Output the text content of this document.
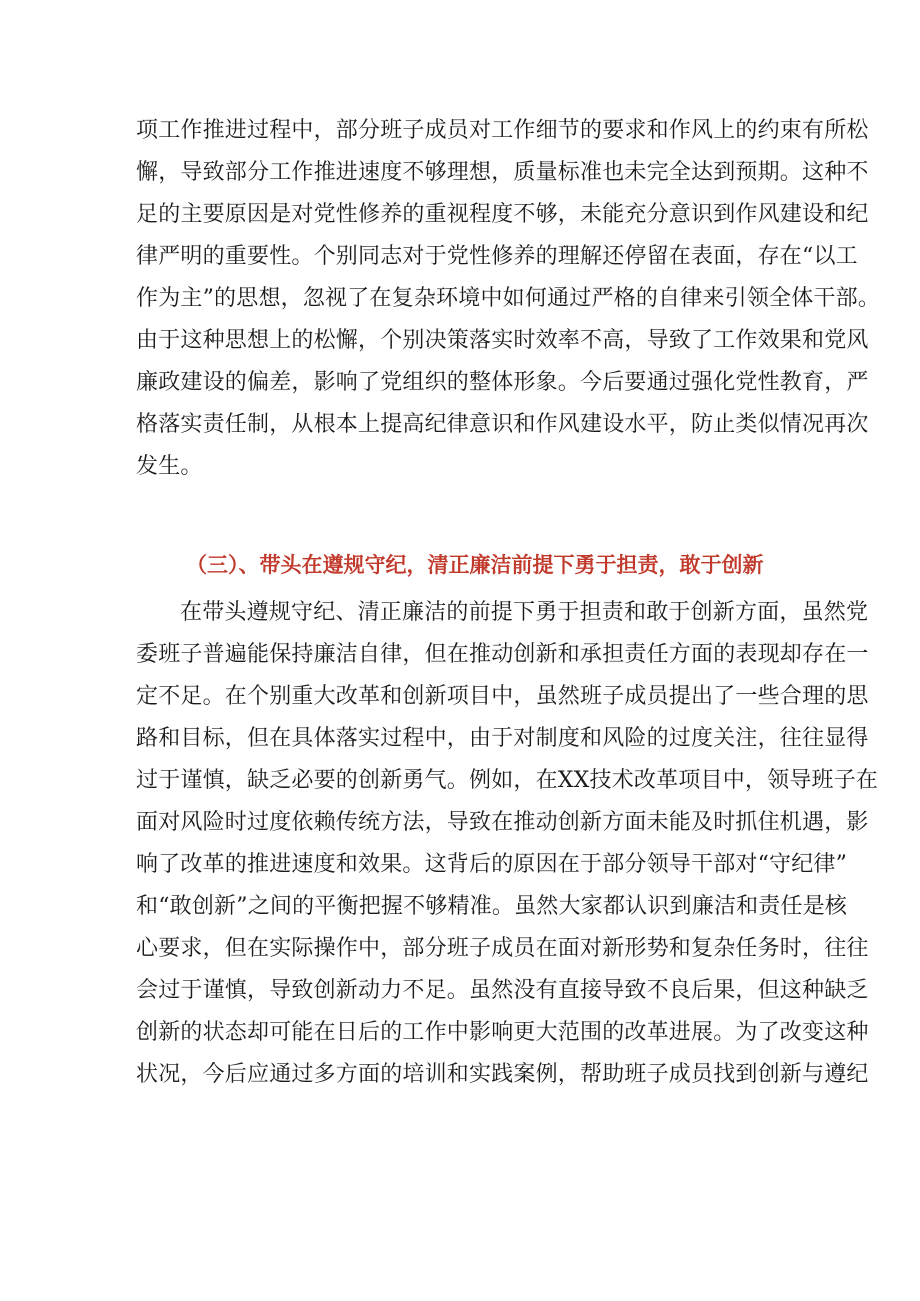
项工作推进过程中，部分班子成员对工作细节的要求和作风上的约束有所松
懈，导致部分工作推进速度不够理想，质量标准也未完全达到预期。这种不
足的主要原因是对党性修养的重视程度不够，未能充分意识到作风建设和纪
律严明的重要性。个别同志对于党性修养的理解还停留在表面，存在“以工
作为主”的思想，忽视了在复杂环境中如何通过严格的自律来引领全体干部。
由于这种思想上的松懈，个别决策落实时效率不高，导致了工作效果和党风
廉政建设的偏差，影响了党组织的整体形象。今后要通过强化党性教育，严
格落实责任制，从根本上提高纪律意识和作风建设水平，防止类似情况再次
发生。
（三）、带头在遵规守纪，清正廉洁前提下勇于担责，敢于创新
在带头遵规守纪、清正廉洁的前提下勇于担责和敢于创新方面，虽然党
委班子普遍能保持廉洁自律，但在推动创新和承担责任方面的表现却存在一
定不足。在个别重大改革和创新项目中，虽然班子成员提出了一些合理的思
路和目标，但在具体落实过程中，由于对制度和风险的过度关注，往往显得
过于谨慎，缺乏必要的创新勇气。例如，在XX技术改革项目中，领导班子在
面对风险时过度依赖传统方法，导致在推动创新方面未能及时抓住机遇，影
响了改革的推进速度和效果。这背后的原因在于部分领导干部对“守纪律”
和“敢创新”之间的平衡把握不够精准。虽然大家都认识到廉洁和责任是核
心要求，但在实际操作中，部分班子成员在面对新形势和复杂任务时，往往
会过于谨慎，导致创新动力不足。虽然没有直接导致不良后果，但这种缺乏
创新的状态却可能在日后的工作中影响更大范围的改革进展。为了改变这种
状况，今后应通过多方面的培训和实践案例，帮助班子成员找到创新与遵纪
